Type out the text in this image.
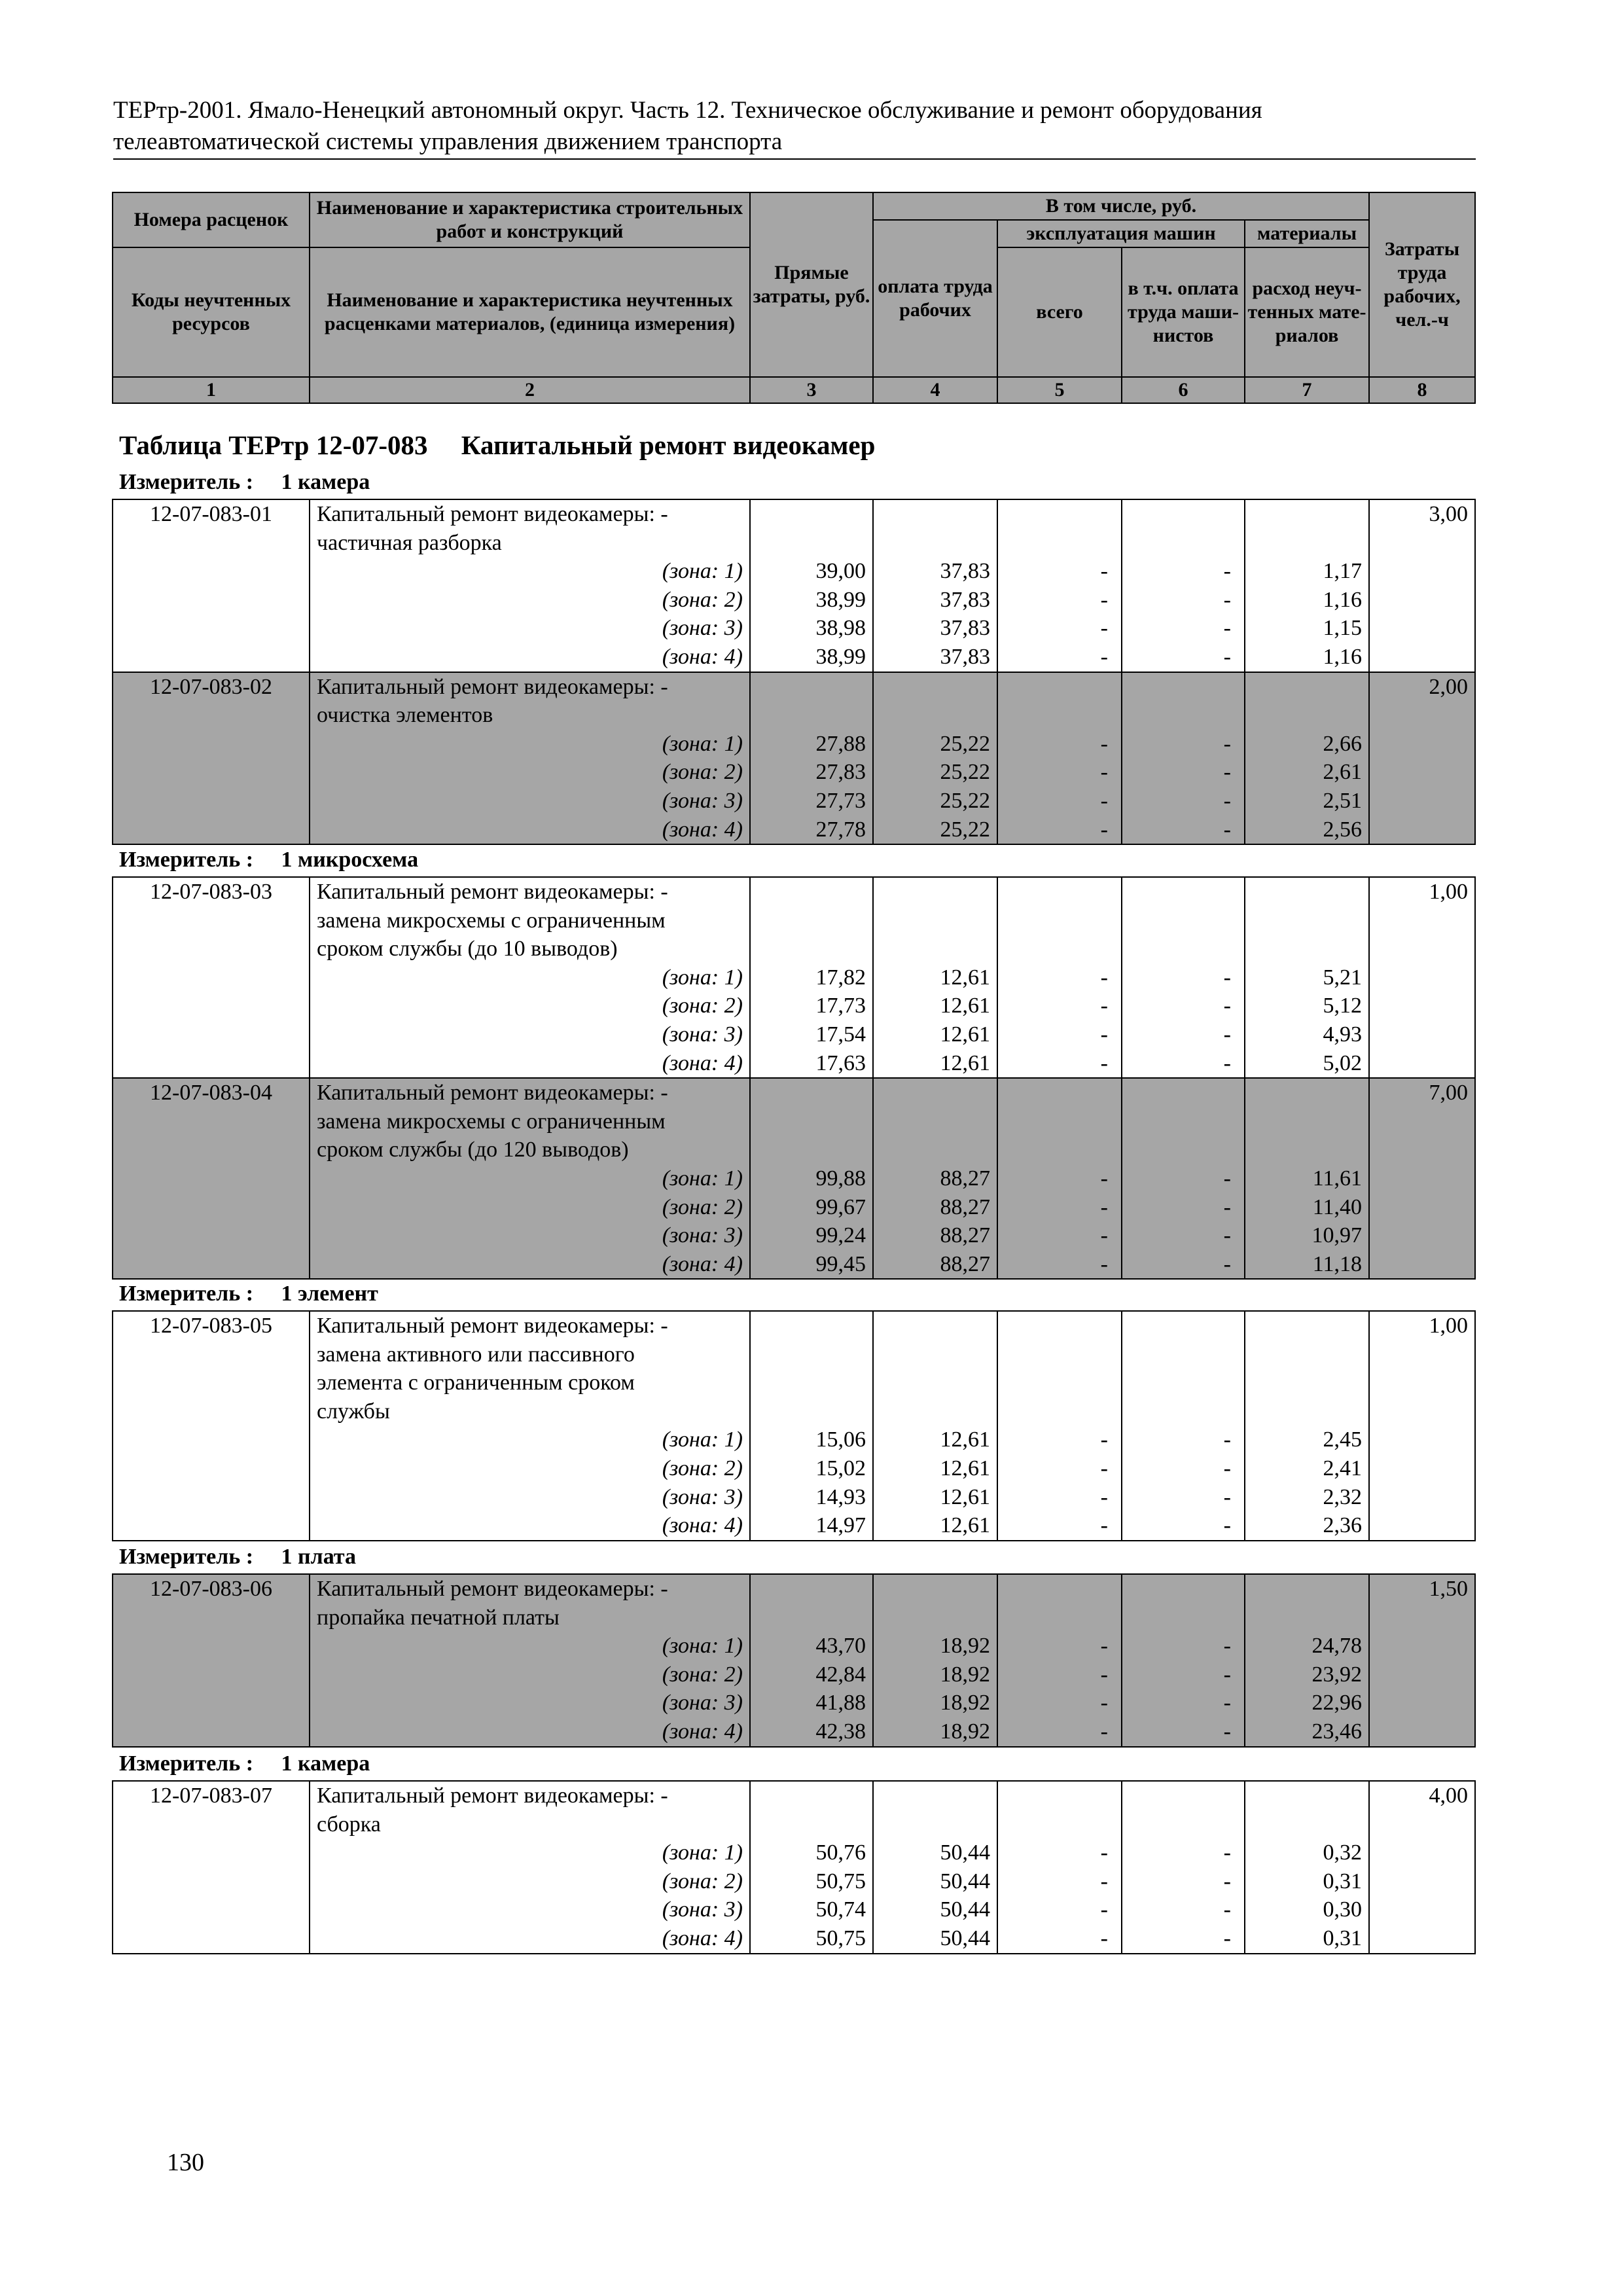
ТЕРтр-2001. Ямало-Ненецкий автономный округ. Часть 12. Техническое обслуживание и ремонт оборудования
телеавтоматической системы управления движением транспорта
Номера расценок	Наименование и характеристика строительных работ и конструкций	Прямые затраты, руб.	В том числе, руб.				Затраты труда рабочих, чел.-ч
			оплата труда рабочих	эксплуатация машин		материалы	
Коды неучтенных ресурсов	Наименование и характеристика неучтенных расценками материалов, (единица измерения)			всего	в т.ч. оплата труда маши-нистов	расход неуч-тенных мате-риалов	
1	2	3	4	5	6	7	8
Таблица ТЕРтр 12-07-083     Капитальный ремонт видеокамер
Измеритель :     1 камера
Измеритель :     1 микросхема
Измеритель :     1 элемент
Измеритель :     1 плата
Измеритель :     1 камера
12-07-083-01	Капитальный ремонт видеокамеры: -						3,00
	частичная разборка						
	(зона: 1)	39,00	37,83	-	-	1,17	
	(зона: 2)	38,99	37,83	-	-	1,16	
	(зона: 3)	38,98	37,83	-	-	1,15	
	(зона: 4)	38,99	37,83	-	-	1,16	
12-07-083-02	Капитальный ремонт видеокамеры: -						2,00
	очистка элементов						
	(зона: 1)	27,88	25,22	-	-	2,66	
	(зона: 2)	27,83	25,22	-	-	2,61	
	(зона: 3)	27,73	25,22	-	-	2,51	
	(зона: 4)	27,78	25,22	-	-	2,56	
12-07-083-03	Капитальный ремонт видеокамеры: -						1,00
	замена микросхемы с ограниченным						
	сроком службы (до 10 выводов)						
	(зона: 1)	17,82	12,61	-	-	5,21	
	(зона: 2)	17,73	12,61	-	-	5,12	
	(зона: 3)	17,54	12,61	-	-	4,93	
	(зона: 4)	17,63	12,61	-	-	5,02	
12-07-083-04	Капитальный ремонт видеокамеры: -						7,00
	замена микросхемы с ограниченным						
	сроком службы (до 120 выводов)						
	(зона: 1)	99,88	88,27	-	-	11,61	
	(зона: 2)	99,67	88,27	-	-	11,40	
	(зона: 3)	99,24	88,27	-	-	10,97	
	(зона: 4)	99,45	88,27	-	-	11,18	
12-07-083-05	Капитальный ремонт видеокамеры: -						1,00
	замена активного или пассивного						
	элемента с ограниченным сроком						
	службы						
	(зона: 1)	15,06	12,61	-	-	2,45	
	(зона: 2)	15,02	12,61	-	-	2,41	
	(зона: 3)	14,93	12,61	-	-	2,32	
	(зона: 4)	14,97	12,61	-	-	2,36	
12-07-083-06	Капитальный ремонт видеокамеры: -						1,50
	пропайка печатной платы						
	(зона: 1)	43,70	18,92	-	-	24,78	
	(зона: 2)	42,84	18,92	-	-	23,92	
	(зона: 3)	41,88	18,92	-	-	22,96	
	(зона: 4)	42,38	18,92	-	-	23,46	
12-07-083-07	Капитальный ремонт видеокамеры: -						4,00
	сборка						
	(зона: 1)	50,76	50,44	-	-	0,32	
	(зона: 2)	50,75	50,44	-	-	0,31	
	(зона: 3)	50,74	50,44	-	-	0,30	
	(зона: 4)	50,75	50,44	-	-	0,31	
130
